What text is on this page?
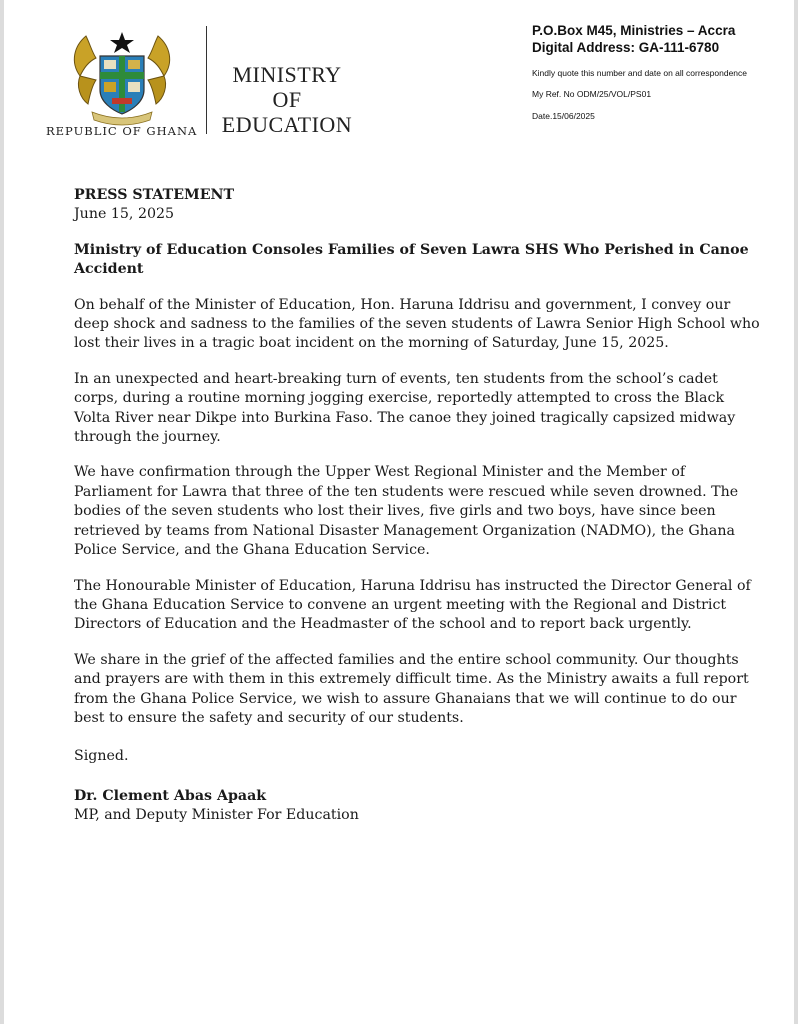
REPUBLIC OF GHANA
MINISTRY
OF
EDUCATION
P.O.Box M45, Ministries – Accra
Digital Address: GA-111-6780
Kindly quote this number and date on all correspondence
My Ref. No ODM/25/VOL/PS01
Date.15/06/2025

PRESS STATEMENT

June 15, 2025

Ministry of Education Consoles Families of Seven Lawra SHS Who Perished in Canoe Accident

On behalf of the Minister of Education, Hon. Haruna Iddrisu and government, I convey our deep shock and sadness to the families of the seven students of Lawra Senior High School who lost their lives in a tragic boat incident on the morning of Saturday, June 15, 2025.

In an unexpected and heart-breaking turn of events, ten students from the school’s cadet corps, during a routine morning jogging exercise, reportedly attempted to cross the Black Volta River near Dikpe into Burkina Faso. The canoe they joined tragically capsized midway through the journey.

We have confirmation through the Upper West Regional Minister and the Member of Parliament for Lawra that three of the ten students were rescued while seven drowned. The bodies of the seven students who lost their lives, five girls and two boys, have since been retrieved by teams from National Disaster Management Organization (NADMO), the Ghana Police Service, and the Ghana Education Service.

The Honourable Minister of Education, Haruna Iddrisu has instructed the Director General of the Ghana Education Service to convene an urgent meeting with the Regional and District Directors of Education and the Headmaster of the school and to report back urgently.

We share in the grief of the affected families and the entire school community. Our thoughts and prayers are with them in this extremely difficult time. As the Ministry awaits a full report from the Ghana Police Service, we wish to assure Ghanaians that we will continue to do our best to ensure the safety and security of our students.

Signed.

Dr. Clement Abas Apaak

MP, and Deputy Minister For Education
